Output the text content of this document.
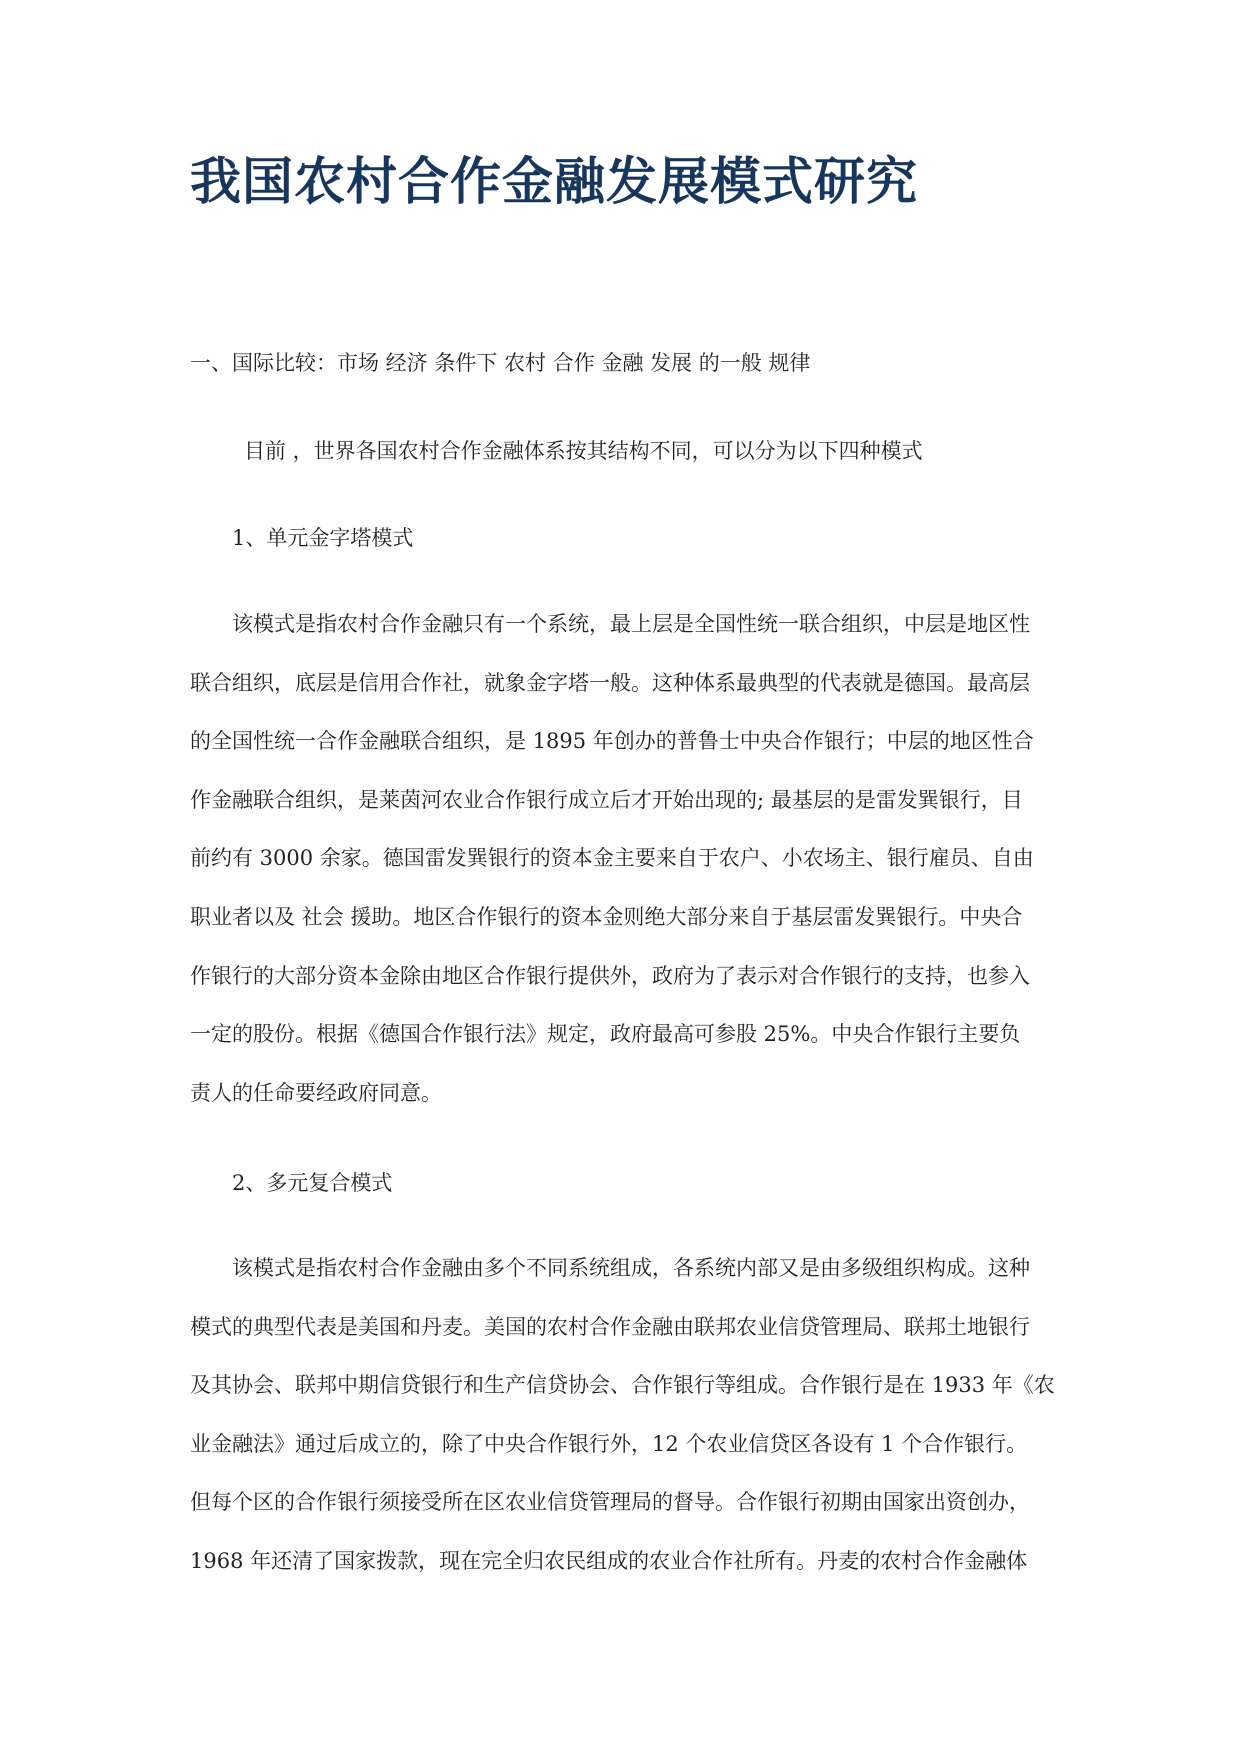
我国农村合作金融发展模式研究

一、国际比较：市场 经济 条件下 农村 合作 金融 发展 的一般 规律

目前 ，世界各国农村合作金融体系按其结构不同，可以分为以下四种模式

1、单元金字塔模式

该模式是指农村合作金融只有一个系统，最上层是全国性统一联合组织，中层是地区性
联合组织，底层是信用合作社，就象金字塔一般。这种体系最典型的代表就是德国。最高层
的全国性统一合作金融联合组织，是 1895 年创办的普鲁士中央合作银行；中层的地区性合
作金融联合组织，是莱茵河农业合作银行成立后才开始出现的; 最基层的是雷发巽银行，目
前约有 3000 余家。德国雷发巽银行的资本金主要来自于农户、小农场主、银行雇员、自由
职业者以及 社会 援助。地区合作银行的资本金则绝大部分来自于基层雷发巽银行。中央合
作银行的大部分资本金除由地区合作银行提供外，政府为了表示对合作银行的支持，也参入
一定的股份。根据《德国合作银行法》规定，政府最高可参股 25%。中央合作银行主要负
责人的任命要经政府同意。

2、多元复合模式

该模式是指农村合作金融由多个不同系统组成，各系统内部又是由多级组织构成。这种
模式的典型代表是美国和丹麦。美国的农村合作金融由联邦农业信贷管理局、联邦土地银行
及其协会、联邦中期信贷银行和生产信贷协会、合作银行等组成。合作银行是在 1933 年《农
业金融法》通过后成立的，除了中央合作银行外，12 个农业信贷区各设有 1 个合作银行。
但每个区的合作银行须接受所在区农业信贷管理局的督导。合作银行初期由国家出资创办，
1968 年还清了国家拨款，现在完全归农民组成的农业合作社所有。丹麦的农村合作金融体
